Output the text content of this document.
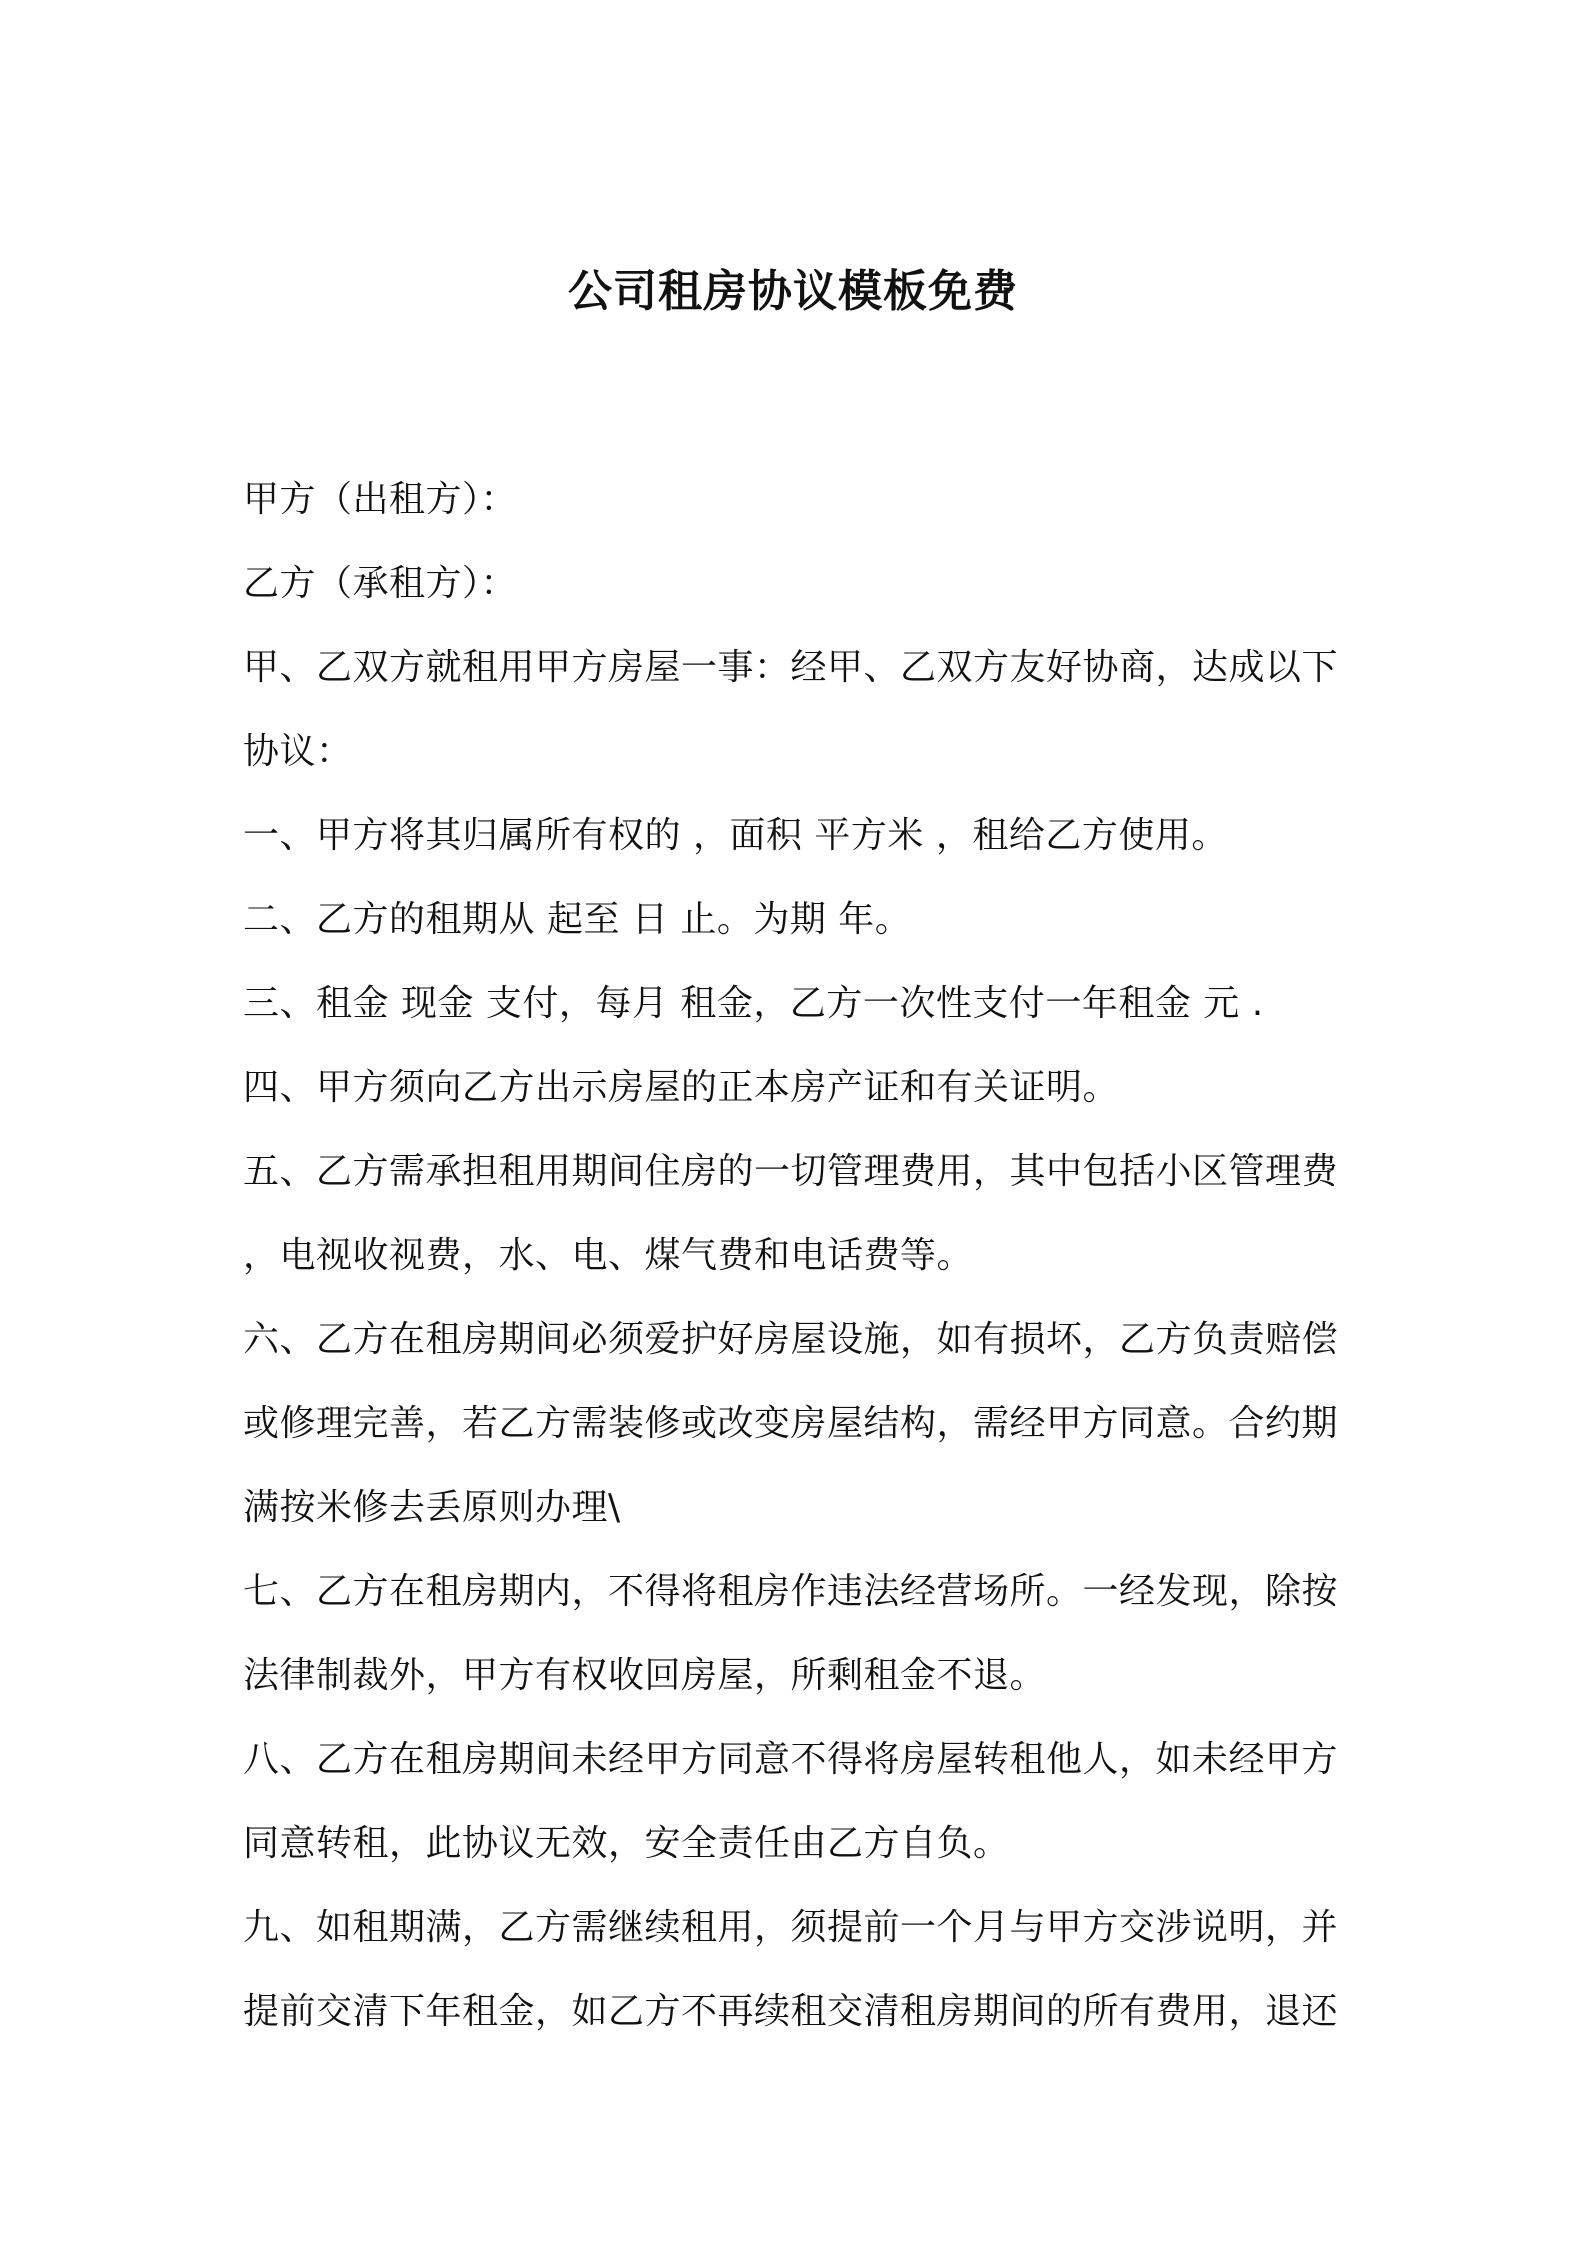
公司租房协议模板免费
甲方（出租方）：
乙方（承租方）：
甲、乙双方就租用甲方房屋一事：经甲、乙双方友好协商，达成以下
协议：
一、甲方将其归属所有权的 ，面积 平方米 ，租给乙方使用。
二、乙方的租期从 起至 日 止。为期 年。
三、租金 现金 支付，每月 租金，乙方一次性支付一年租金 元 .
四、甲方须向乙方出示房屋的正本房产证和有关证明。
五、乙方需承担租用期间住房的一切管理费用，其中包括小区管理费
，电视收视费，水、电、煤气费和电话费等。
六、乙方在租房期间必须爱护好房屋设施，如有损坏，乙方负责赔偿
或修理完善，若乙方需装修或改变房屋结构，需经甲方同意。合约期
满按米修去丢原则办理\
七、乙方在租房期内，不得将租房作违法经营场所。一经发现，除按
法律制裁外，甲方有权收回房屋，所剩租金不退。
八、乙方在租房期间未经甲方同意不得将房屋转租他人，如未经甲方
同意转租，此协议无效，安全责任由乙方自负。
九、如租期满，乙方需继续租用，须提前一个月与甲方交涉说明，并
提前交清下年租金，如乙方不再续租交清租房期间的所有费用，退还
